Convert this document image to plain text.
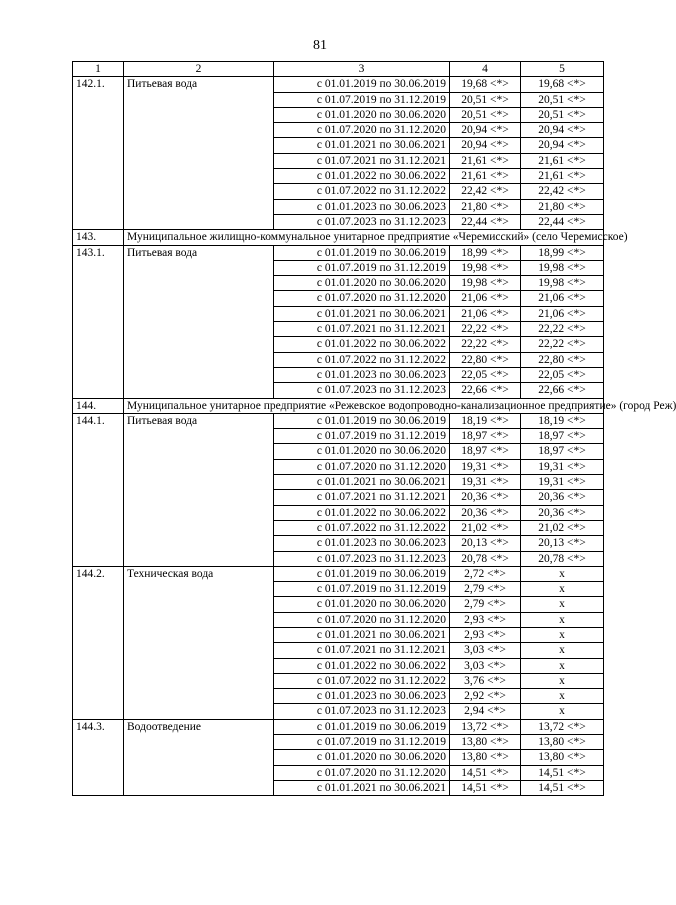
81
1	2	3	4	5
142.1.	Питьевая вода	с 01.01.2019 по 30.06.2019	19,68 <*>	19,68 <*>
		с 01.07.2019 по 31.12.2019	20,51 <*>	20,51 <*>
		с 01.01.2020 по 30.06.2020	20,51 <*>	20,51 <*>
		с 01.07.2020 по 31.12.2020	20,94 <*>	20,94 <*>
		с 01.01.2021 по 30.06.2021	20,94 <*>	20,94 <*>
		с 01.07.2021 по 31.12.2021	21,61 <*>	21,61 <*>
		с 01.01.2022 по 30.06.2022	21,61 <*>	21,61 <*>
		с 01.07.2022 по 31.12.2022	22,42 <*>	22,42 <*>
		с 01.01.2023 по 30.06.2023	21,80 <*>	21,80 <*>
		с 01.07.2023 по 31.12.2023	22,44 <*>	22,44 <*>
143.	Муниципальное жилищно-коммунальное унитарное предприятие «Черемисский» (село Черемисское)			
143.1.	Питьевая вода	с 01.01.2019 по 30.06.2019	18,99 <*>	18,99 <*>
		с 01.07.2019 по 31.12.2019	19,98 <*>	19,98 <*>
		с 01.01.2020 по 30.06.2020	19,98 <*>	19,98 <*>
		с 01.07.2020 по 31.12.2020	21,06 <*>	21,06 <*>
		с 01.01.2021 по 30.06.2021	21,06 <*>	21,06 <*>
		с 01.07.2021 по 31.12.2021	22,22 <*>	22,22 <*>
		с 01.01.2022 по 30.06.2022	22,22 <*>	22,22 <*>
		с 01.07.2022 по 31.12.2022	22,80 <*>	22,80 <*>
		с 01.01.2023 по 30.06.2023	22,05 <*>	22,05 <*>
		с 01.07.2023 по 31.12.2023	22,66 <*>	22,66 <*>
144.	Муниципальное унитарное предприятие «Режевское водопроводно-канализационное предприятие» (город Реж)			
144.1.	Питьевая вода	с 01.01.2019 по 30.06.2019	18,19 <*>	18,19 <*>
		с 01.07.2019 по 31.12.2019	18,97 <*>	18,97 <*>
		с 01.01.2020 по 30.06.2020	18,97 <*>	18,97 <*>
		с 01.07.2020 по 31.12.2020	19,31 <*>	19,31 <*>
		с 01.01.2021 по 30.06.2021	19,31 <*>	19,31 <*>
		с 01.07.2021 по 31.12.2021	20,36 <*>	20,36 <*>
		с 01.01.2022 по 30.06.2022	20,36 <*>	20,36 <*>
		с 01.07.2022 по 31.12.2022	21,02 <*>	21,02 <*>
		с 01.01.2023 по 30.06.2023	20,13 <*>	20,13 <*>
		с 01.07.2023 по 31.12.2023	20,78 <*>	20,78 <*>
144.2.	Техническая вода	с 01.01.2019 по 30.06.2019	2,72 <*>	x
		с 01.07.2019 по 31.12.2019	2,79 <*>	x
		с 01.01.2020 по 30.06.2020	2,79 <*>	x
		с 01.07.2020 по 31.12.2020	2,93 <*>	x
		с 01.01.2021 по 30.06.2021	2,93 <*>	x
		с 01.07.2021 по 31.12.2021	3,03 <*>	x
		с 01.01.2022 по 30.06.2022	3,03 <*>	x
		с 01.07.2022 по 31.12.2022	3,76 <*>	x
		с 01.01.2023 по 30.06.2023	2,92 <*>	x
		с 01.07.2023 по 31.12.2023	2,94 <*>	x
144.3.	Водоотведение	с 01.01.2019 по 30.06.2019	13,72 <*>	13,72 <*>
		с 01.07.2019 по 31.12.2019	13,80 <*>	13,80 <*>
		с 01.01.2020 по 30.06.2020	13,80 <*>	13,80 <*>
		с 01.07.2020 по 31.12.2020	14,51 <*>	14,51 <*>
		с 01.01.2021 по 30.06.2021	14,51 <*>	14,51 <*>
